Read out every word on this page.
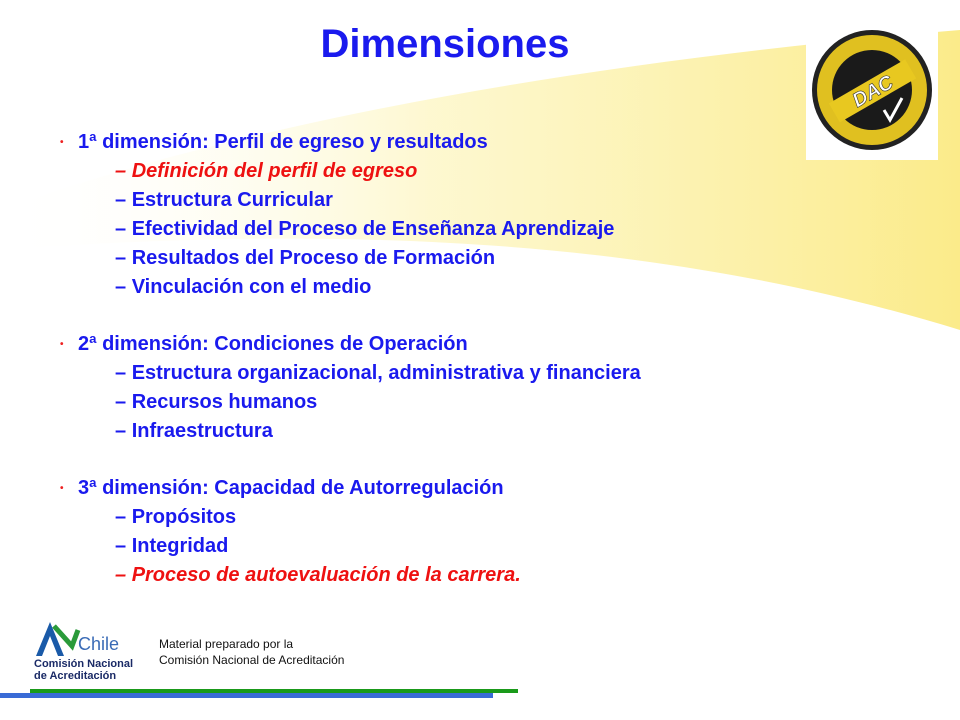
Dimensiones
DAC
• 1ª dimensión: Perfil de egreso y resultados
– Definición del perfil de egreso
– Estructura Curricular
– Efectividad del Proceso de Enseñanza Aprendizaje
– Resultados del Proceso de Formación
– Vinculación con el medio
• 2ª dimensión: Condiciones de Operación
– Estructura organizacional, administrativa y financiera
– Recursos humanos
– Infraestructura
• 3ª dimensión: Capacidad de Autorregulación
– Propósitos
– Integridad
– Proceso de autoevaluación de la carrera.
Chile
Comisión Nacional
de Acreditación
Material preparado por la
Comisión Nacional de Acreditación
